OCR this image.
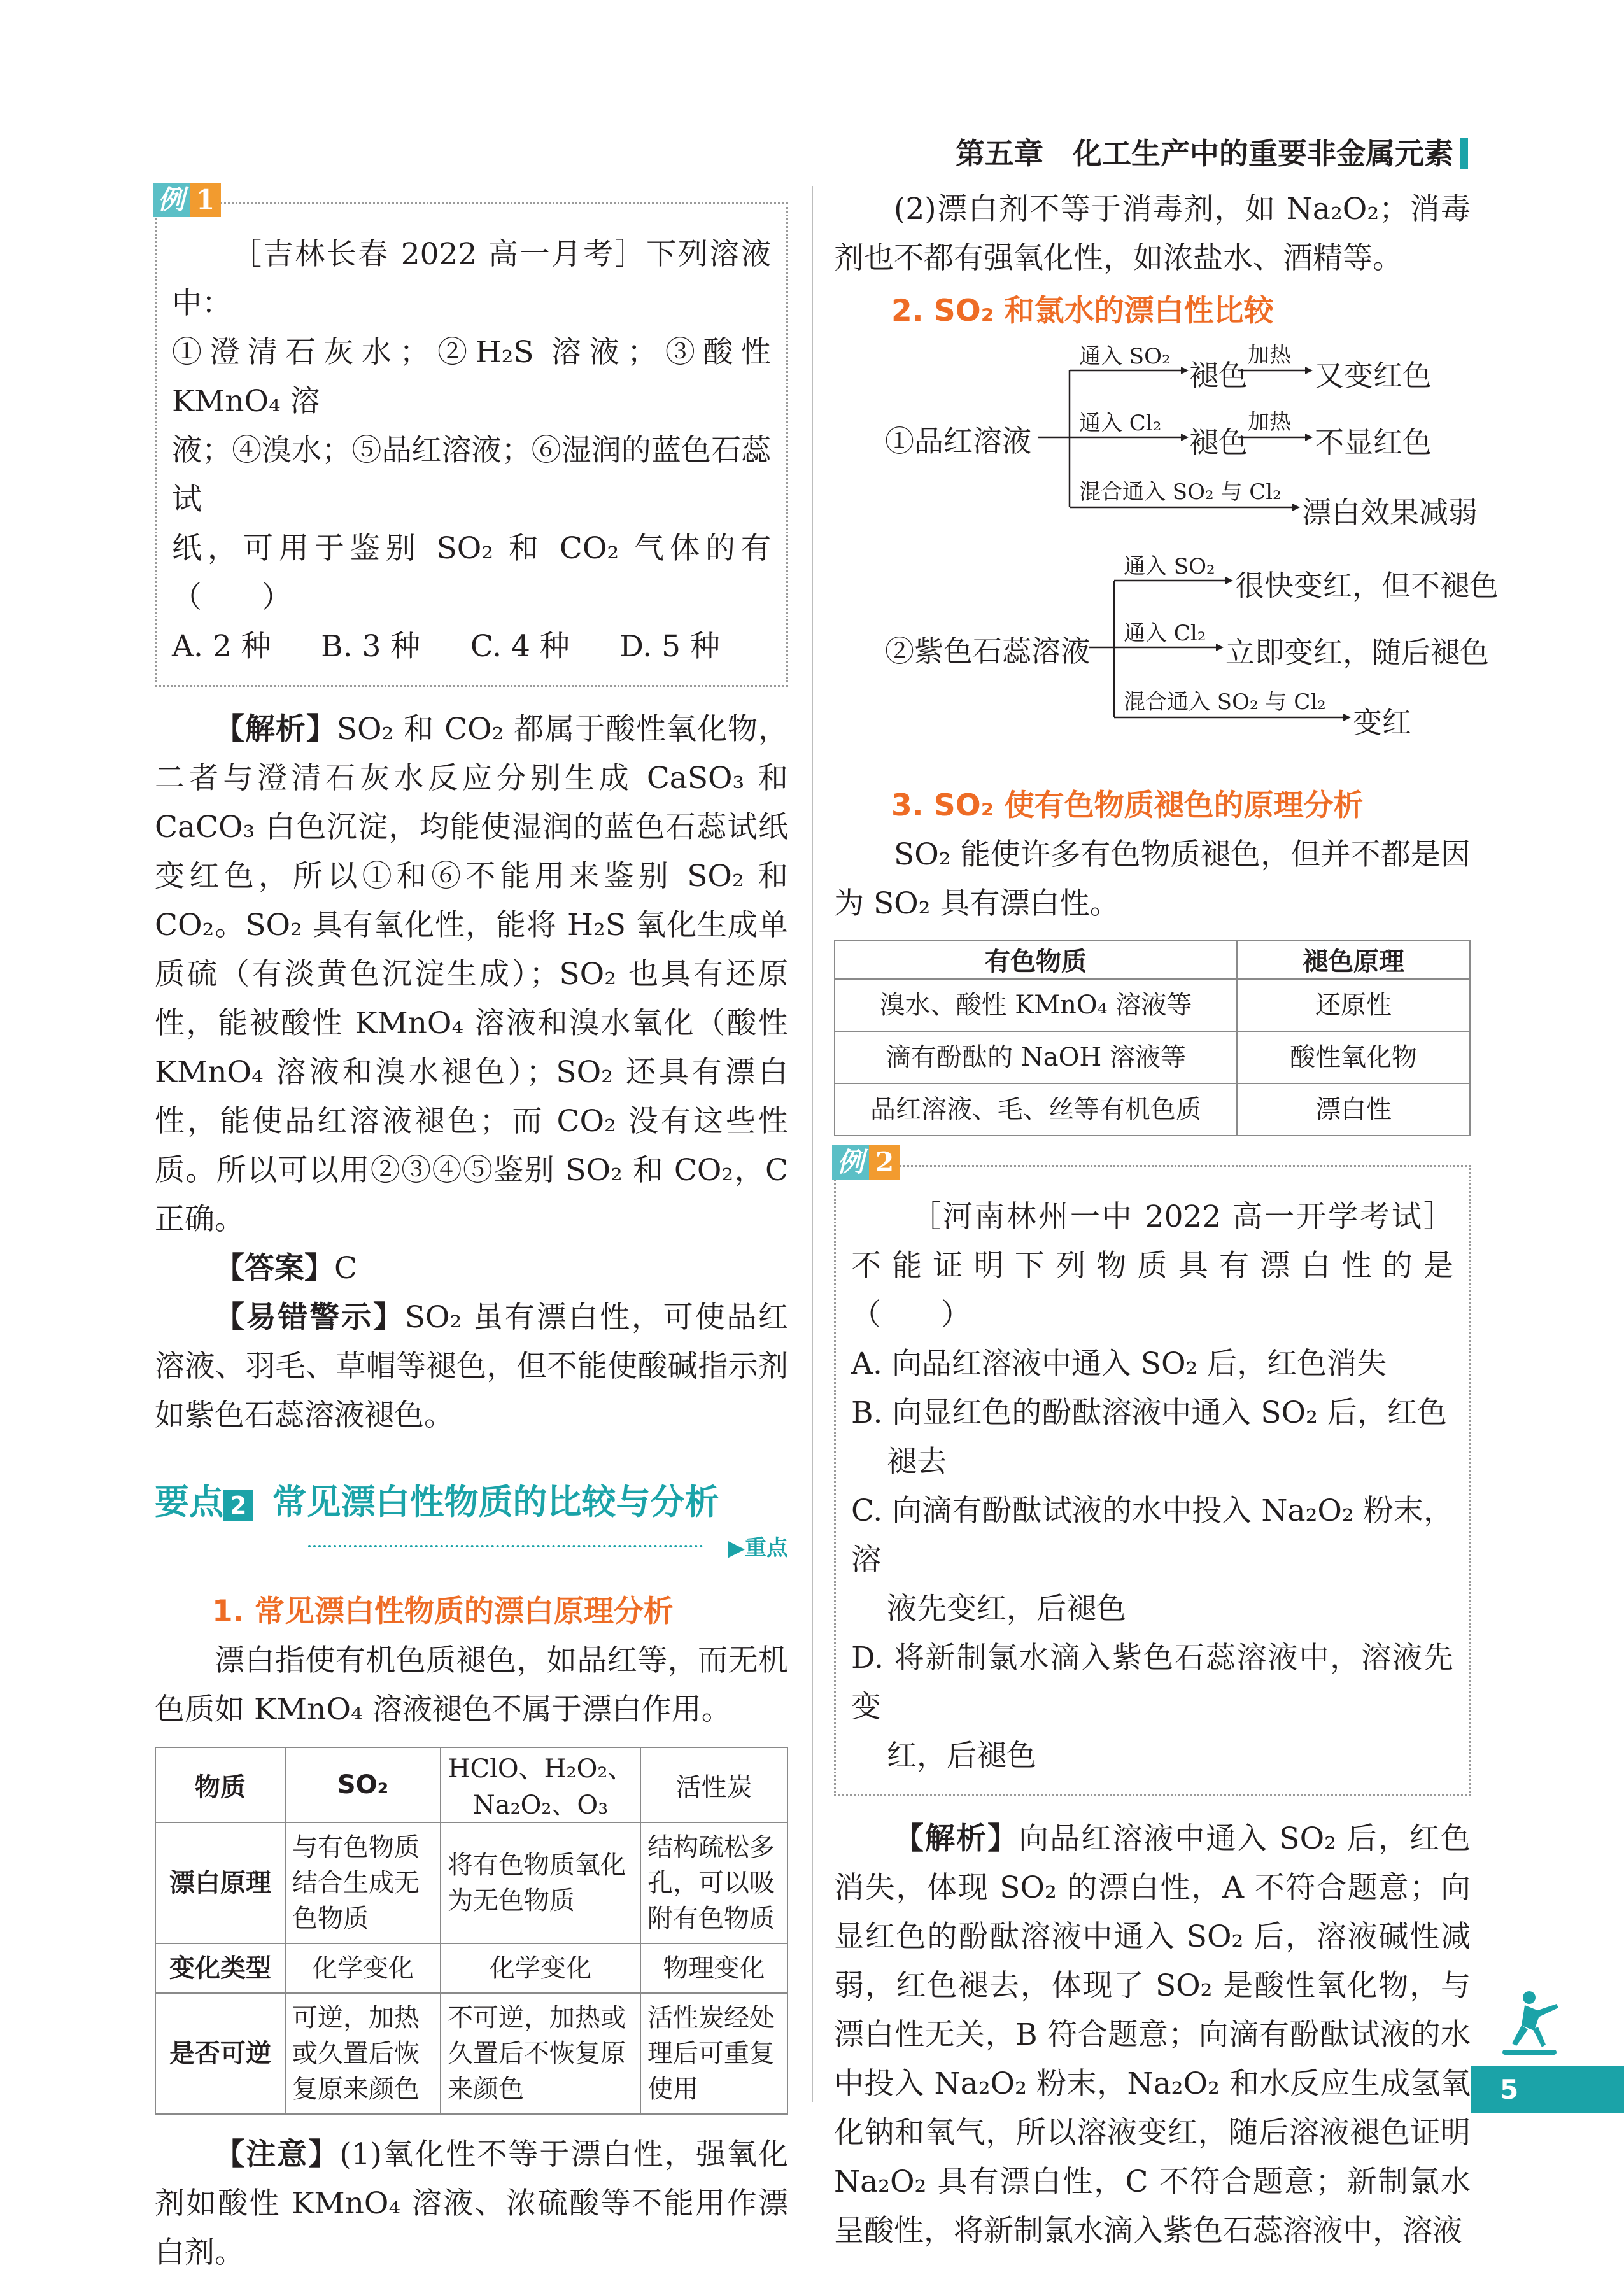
第五章　化工生产中的重要非金属元素
例 1
［吉林长春 2022 高一月考］下列溶液中：
①澄清石灰水；②H₂S 溶液；③酸性 KMnO₄ 溶
液；④溴水；⑤品红溶液；⑥湿润的蓝色石蕊试
纸，可用于鉴别 SO₂ 和 CO₂ 气体的有　（　　）
A. 2 种 B. 3 种 C. 4 种 D. 5 种
【解析】SO₂ 和 CO₂ 都属于酸性氧化物，二者与澄清石灰水反应分别生成 CaSO₃ 和 CaCO₃ 白色沉淀，均能使湿润的蓝色石蕊试纸变红色，所以①和⑥不能用来鉴别 SO₂ 和 CO₂。SO₂ 具有氧化性，能将 H₂S 氧化生成单质硫（有淡黄色沉淀生成）；SO₂ 也具有还原性，能被酸性 KMnO₄ 溶液和溴水氧化（酸性 KMnO₄ 溶液和溴水褪色）；SO₂ 还具有漂白性，能使品红溶液褪色；而 CO₂ 没有这些性质。所以可以用②③④⑤鉴别 SO₂ 和 CO₂，C 正确。
【答案】C
【易错警示】SO₂ 虽有漂白性，可使品红溶液、羽毛、草帽等褪色，但不能使酸碱指示剂如紫色石蕊溶液褪色。
要点 2 常见漂白性物质的比较与分析
▶重点
1. 常见漂白性物质的漂白原理分析
漂白指使有机色质褪色，如品红等，而无机色质如 KMnO₄ 溶液褪色不属于漂白作用。
物质	SO₂	HClO、H₂O₂、Na₂O₂、O₃	活性炭
漂白原理	与有色物质结合生成无色物质	将有色物质氧化为无色物质	结构疏松多孔，可以吸附有色物质
变化类型	化学变化	化学变化	物理变化
是否可逆	可逆，加热或久置后恢复原来颜色	不可逆，加热或久置后不恢复原来颜色	活性炭经处理后可重复使用
【注意】(1)氧化性不等于漂白性，强氧化剂如酸性 KMnO₄ 溶液、浓硫酸等不能用作漂白剂。
(2)漂白剂不等于消毒剂，如 Na₂O₂；消毒剂也不都有强氧化性，如浓盐水、酒精等。
2. SO₂ 和氯水的漂白性比较
①品红溶液
通入 SO₂
褪色
加热
又变红色
通入 Cl₂
褪色
加热
不显红色
混合通入 SO₂ 与 Cl₂
漂白效果减弱
②紫色石蕊溶液
通入 SO₂
很快变红，但不褪色
通入 Cl₂
立即变红，随后褪色
混合通入 SO₂ 与 Cl₂
变红
3. SO₂ 使有色物质褪色的原理分析
SO₂ 能使许多有色物质褪色，但并不都是因为 SO₂ 具有漂白性。
有色物质	褪色原理
溴水、酸性 KMnO₄ 溶液等	还原性
滴有酚酞的 NaOH 溶液等	酸性氧化物
品红溶液、毛、丝等有机色质	漂白性
例 2
［河南林州一中 2022 高一开学考试］不能证明下列物质具有漂白性的是　　　　　（　　）
A. 向品红溶液中通入 SO₂ 后，红色消失
B. 向显红色的酚酞溶液中通入 SO₂ 后，红色
褪去
C. 向滴有酚酞试液的水中投入 Na₂O₂ 粉末，溶
液先变红，后褪色
D. 将新制氯水滴入紫色石蕊溶液中，溶液先变
红，后褪色
【解析】向品红溶液中通入 SO₂ 后，红色消失，体现 SO₂ 的漂白性，A 不符合题意；向显红色的酚酞溶液中通入 SO₂ 后，溶液碱性减弱，红色褪去，体现了 SO₂ 是酸性氧化物，与漂白性无关，B 符合题意；向滴有酚酞试液的水中投入 Na₂O₂ 粉末，Na₂O₂ 和水反应生成氢氧化钠和氧气，所以溶液变红，随后溶液褪色证明 Na₂O₂ 具有漂白性，C 不符合题意；新制氯水呈酸性，将新制氯水滴入紫色石蕊溶液中，溶液
5
